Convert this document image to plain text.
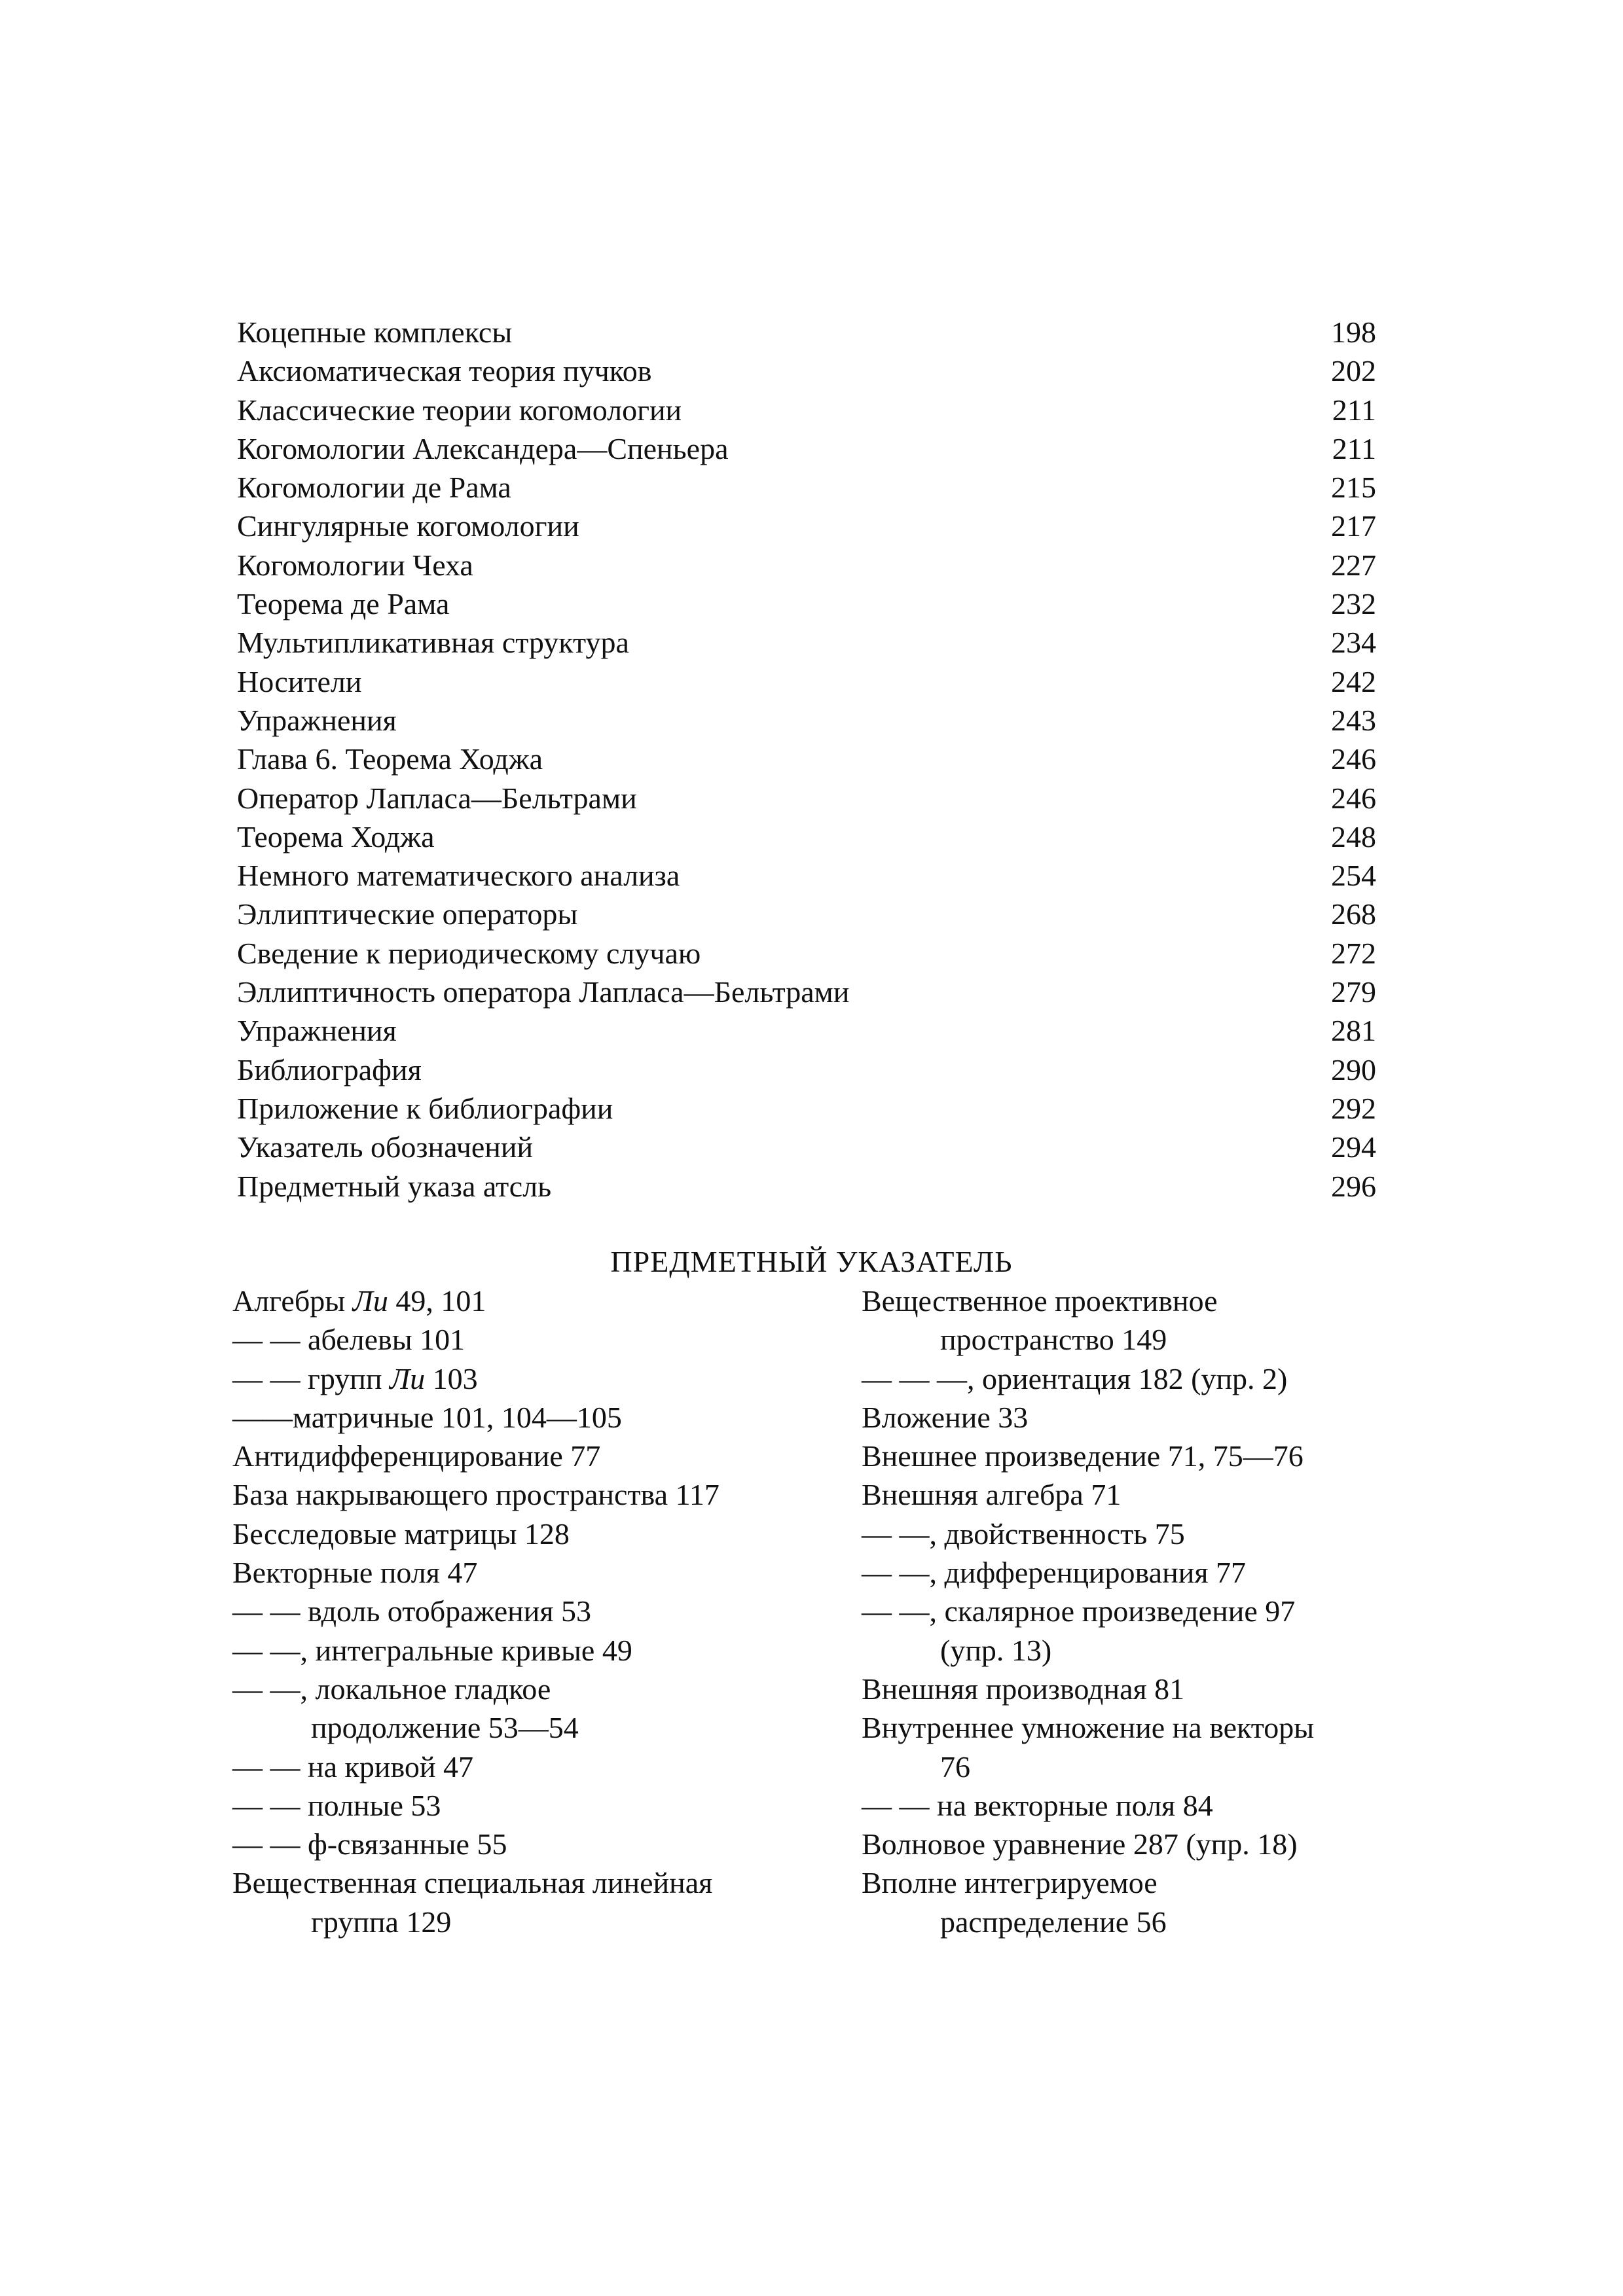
Коцепные комплексы	198
Аксиоматическая теория пучков	202
Классические теории когомологии	211
Когомологии Александера—Спеньера	211
Когомологии де Рама	215
Сингулярные когомологии	217
Когомологии Чеха	227
Теорема де Рама	232
Мультипликативная структура	234
Носители	242
Упражнения	243
Глава 6. Теорема Ходжа	246
Оператор Лапласа—Бельтрами	246
Теорема Ходжа	248
Немного математического анализа	254
Эллиптические операторы	268
Сведение к периодическому случаю	272
Эллиптичность оператора Лапласа—Бельтрами	279
Упражнения	281
Библиография	290
Приложение к библиографии	292
Указатель обозначений	294
Предметный указа атсль	296
ПРЕДМЕТНЫЙ УКАЗАТЕЛЬ
Алгебры Ли 49, 101
— — абелевы 101
— — групп Ли 103
——матричные 101, 104—105
Антидифференцирование 77
База накрывающего пространства 117
Бесследовые матрицы 128
Векторные поля 47
— — вдоль отображения 53
— —, интегральные кривые 49
— —, локальное гладкое
продолжение 53—54
— — на кривой 47
— — полные 53
— — ф-связанные 55
Вещественная специальная линейная
группа 129
Вещественное проективное
пространство 149
— — —, ориентация 182 (упр. 2)
Вложение 33
Внешнее произведение 71, 75—76
Внешняя алгебра 71
— —, двойственность 75
— —, дифференцирования 77
— —, скалярное произведение 97
(упр. 13)
Внешняя производная 81
Внутреннее умножение на векторы
76
— — на векторные поля 84
Волновое уравнение 287 (упр. 18)
Вполне интегрируемое
распределение 56
